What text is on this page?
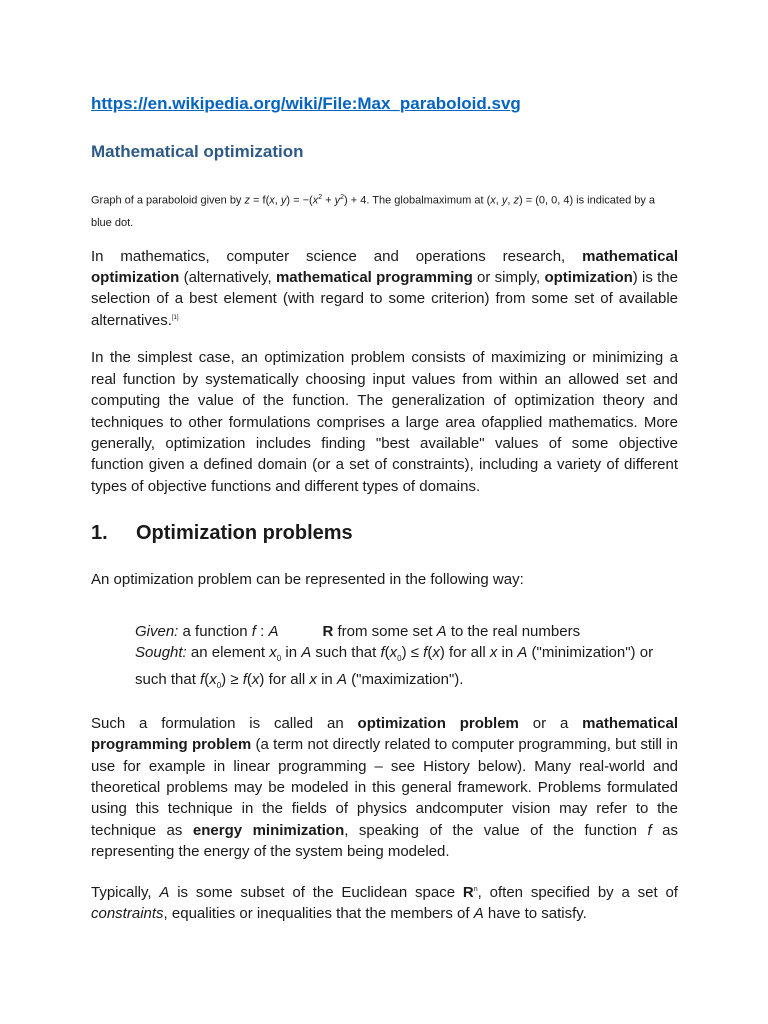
https://en.wikipedia.org/wiki/File:Max_paraboloid.svg
Mathematical optimization

Graph of a paraboloid given by z = f(x, $y) = -(x^2 + y^2) + 4$. The globalmaximum at (x, y, z) = (0, 0, 4) is indicated by a blue dot.

In mathematics, computer science and operations research, mathematical optimization (alternatively, mathematical programming or simply, optimization) is the selection of a best element (with regard to some criterion) from some set of available alternatives.[1]

In the simplest case, an optimization problem consists of maximizing or minimizing a real function by systematically choosing input values from within an allowed set and computing the value of the function. The generalization of optimization theory and techniques to other formulations comprises a large area ofapplied mathematics. More generally, optimization includes finding "best available" values of some objective function given a defined domain (or a set of constraints), including a variety of different types of objective functions and different types of domains.

1. Optimization problems

An optimization problem can be represented in the following way:

Given: a function f : A	R from some set A to the real numbers
Sought: an element $x_0$ in A such that $f(x_0) \le f(x)$ for all x in A ("minimization") or such that $f(x_0) \ge f(x)$ for all x in A ("maximization").

Such a formulation is called an optimization problem or a mathematical programming problem (a term not directly related to computer programming, but still in use for example in linear programming – see History below). Many real-world and theoretical problems may be modeled in this general framework. Problems formulated using this technique in the fields of physics andcomputer vision may refer to the technique as energy minimization, speaking of the value of the function f as representing the energy of the system being modeled.

Typically, A is some subset of the Euclidean space $R^n$, often specified by a set of constraints, equalities or inequalities that the members of A have to satisfy.
